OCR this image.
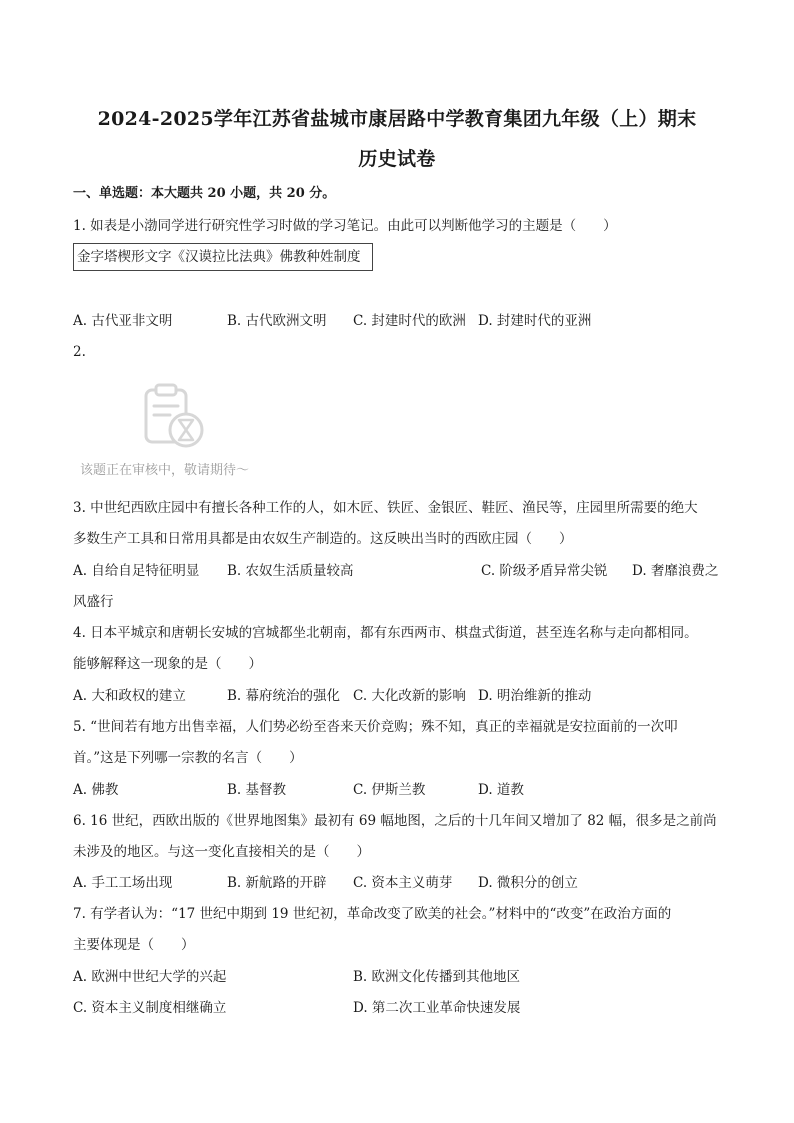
2024-2025学年江苏省盐城市康居路中学教育集团九年级（上）期末
历史试卷
一、单选题：本大题共 20 小题，共 20 分。
1. 如表是小渤同学进行研究性学习时做的学习笔记。由此可以判断他学习的主题是（　　）
金字塔楔形文字《汉谟拉比法典》佛教种姓制度
A. 古代亚非文明	B. 古代欧洲文明 C. 封建时代的欧洲 D. 封建时代的亚洲
2.
该题正在审核中，敬请期待～
3. 中世纪西欧庄园中有擅长各种工作的人，如木匠、铁匠、金银匠、鞋匠、渔民等，庄园里所需要的绝大
多数生产工具和日常用具都是由农奴生产制造的。这反映出当时的西欧庄园（　　）
A. 自给自足特征明显 B. 农奴生活质量较高	C. 阶级矛盾异常尖锐 D. 奢靡浪费之
风盛行
4. 日本平城京和唐朝长安城的宫城都坐北朝南，都有东西两市、棋盘式街道，甚至连名称与走向都相同。
能够解释这一现象的是（　　）
A. 大和政权的建立	B. 幕府统治的强化 C. 大化改新的影响 D. 明治维新的推动
5. “世间若有地方出售幸福，人们势必纷至沓来天价竞购；殊不知，真正的幸福就是安拉面前的一次叩
首。”这是下列哪一宗教的名言（　　）
A. 佛教	B. 基督教	C. 伊斯兰教	D. 道教
6. 16 世纪，西欧出版的《世界地图集》最初有 69 幅地图，之后的十几年间又增加了 82 幅，很多是之前尚
未涉及的地区。与这一变化直接相关的是（　　）
A. 手工工场出现	B. 新航路的开辟 C. 资本主义萌芽 D. 微积分的创立
7. 有学者认为：“17 世纪中期到 19 世纪初，革命改变了欧美的社会。”材料中的“改变”在政治方面的
主要体现是（　　）
A. 欧洲中世纪大学的兴起	B. 欧洲文化传播到其他地区
C. 资本主义制度相继确立	D. 第二次工业革命快速发展
